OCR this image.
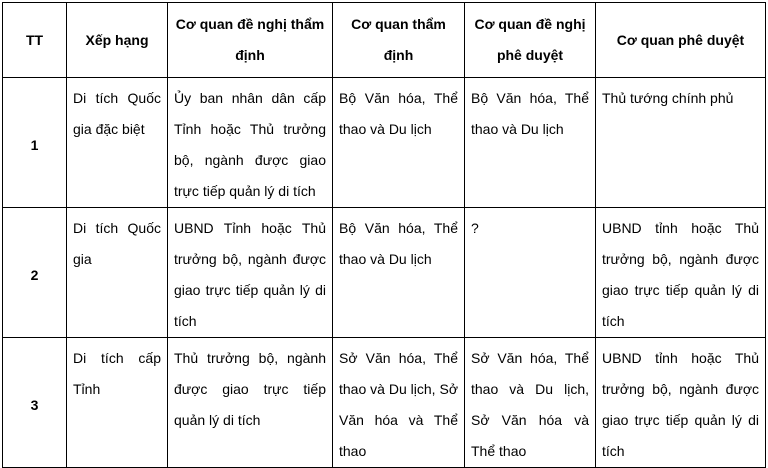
TT	Xếp hạng	Cơ quan đề nghị thẩm định	Cơ quan thẩm định	Cơ quan đề nghị phê duyệt	Cơ quan phê duyệt
1	Di tích Quốc gia đặc biệt	Ủy ban nhân dân cấp Tỉnh hoặc Thủ trưởng bộ, ngành được giao trực tiếp quản lý di tích	Bộ Văn hóa, Thể thao và Du lịch	Bộ Văn hóa, Thể thao và Du lịch	Thủ tướng chính phủ
2	Di tích Quốc gia	UBND Tỉnh hoặc Thủ trưởng bộ, ngành được giao trực tiếp quản lý di tích	Bộ Văn hóa, Thể thao và Du lịch	?	UBND tỉnh hoặc Thủ trưởng bộ, ngành được giao trực tiếp quản lý di tích
3	Di tích cấp Tỉnh	Thủ trưởng bộ, ngành được giao trực tiếp quản lý di tích	Sở Văn hóa, Thể thao và Du lịch, Sở Văn hóa và Thể thao	Sở Văn hóa, Thể thao và Du lịch, Sở Văn hóa và Thể thao	UBND tỉnh hoặc Thủ trưởng bộ, ngành được giao trực tiếp quản lý di tích
